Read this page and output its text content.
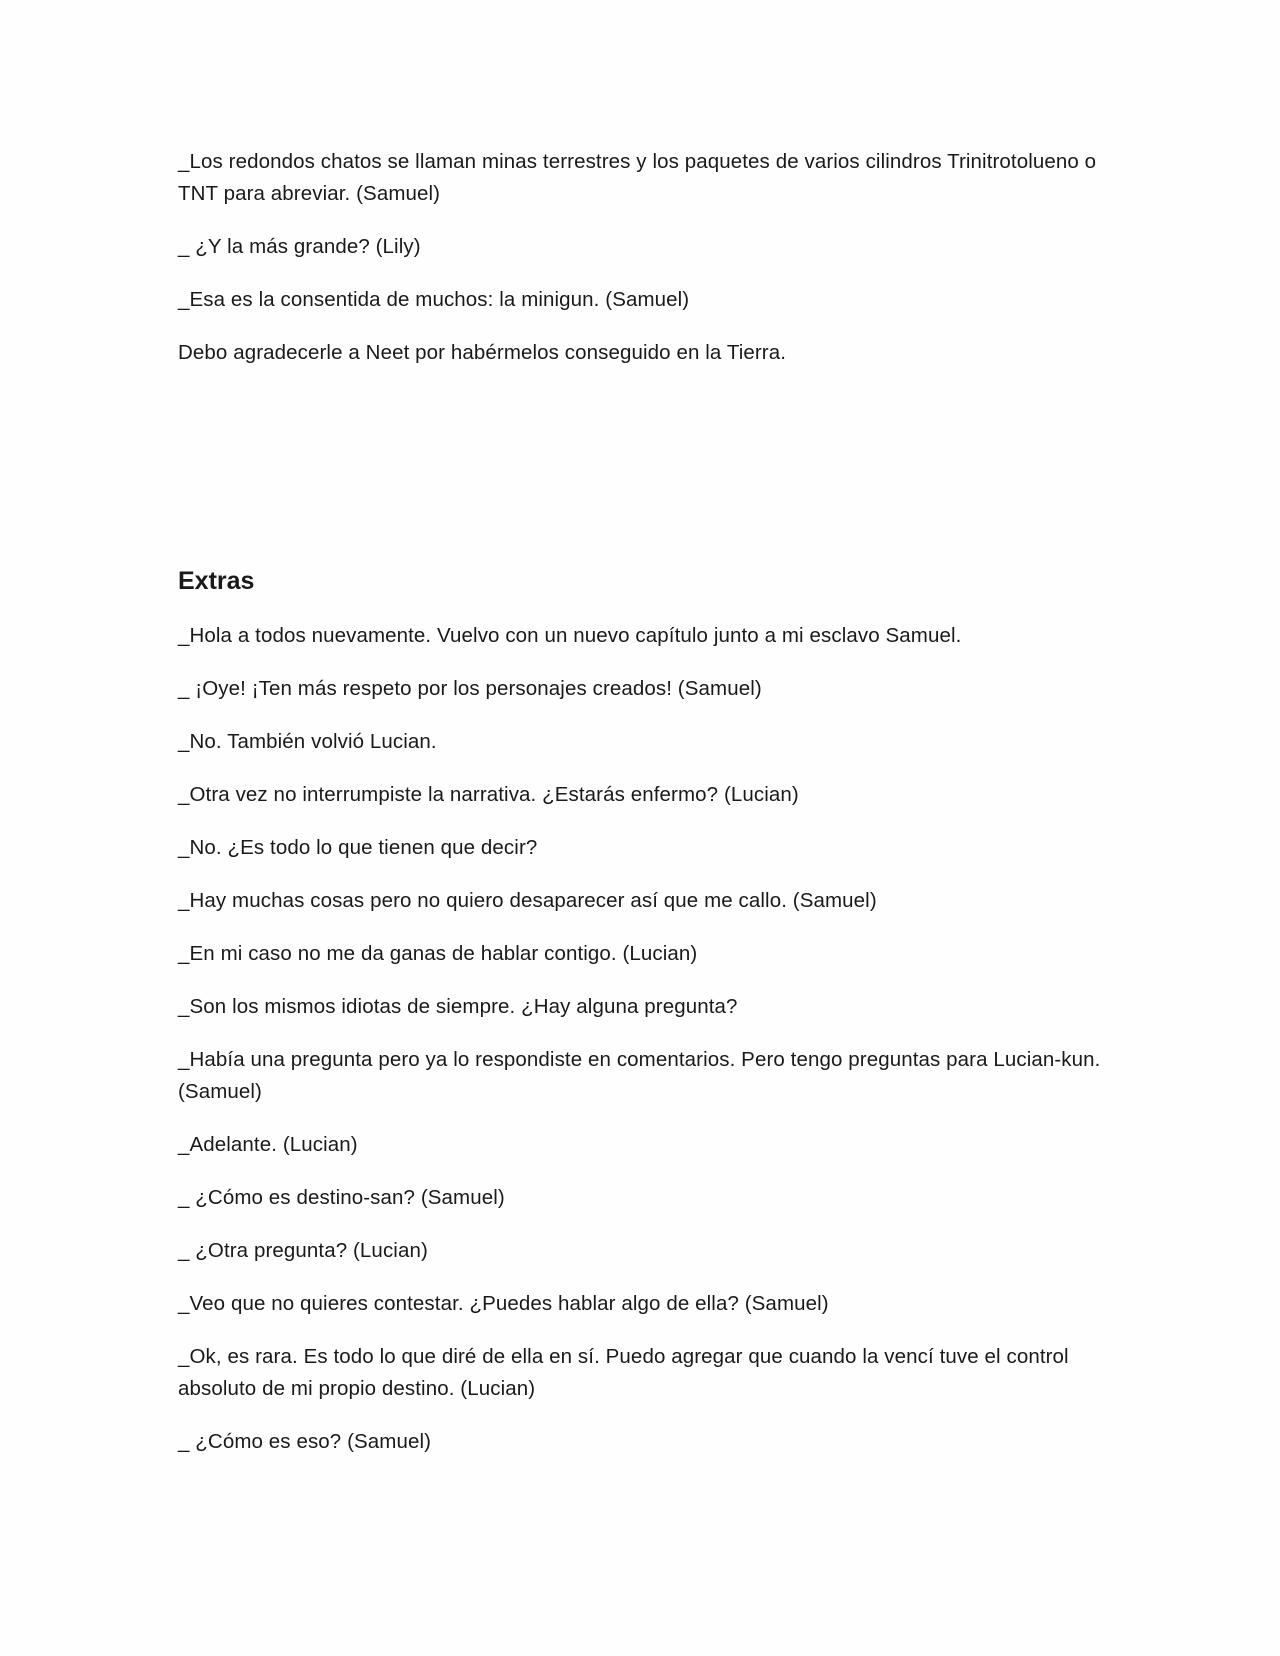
_Los redondos chatos se llaman minas terrestres y los paquetes de varios cilindros Trinitrotolueno o TNT para abreviar. (Samuel)

_ ¿Y la más grande? (Lily)

_Esa es la consentida de muchos: la minigun. (Samuel)

Debo agradecerle a Neet por habérmelos conseguido en la Tierra.

Extras

_Hola a todos nuevamente. Vuelvo con un nuevo capítulo junto a mi esclavo Samuel.

_ ¡Oye! ¡Ten más respeto por los personajes creados! (Samuel)

_No. También volvió Lucian.

_Otra vez no interrumpiste la narrativa. ¿Estarás enfermo? (Lucian)

_No. ¿Es todo lo que tienen que decir?

_Hay muchas cosas pero no quiero desaparecer así que me callo. (Samuel)

_En mi caso no me da ganas de hablar contigo. (Lucian)

_Son los mismos idiotas de siempre. ¿Hay alguna pregunta?

_Había una pregunta pero ya lo respondiste en comentarios. Pero tengo preguntas para Lucian-kun. (Samuel)

_Adelante. (Lucian)

_ ¿Cómo es destino-san? (Samuel)

_ ¿Otra pregunta? (Lucian)

_Veo que no quieres contestar. ¿Puedes hablar algo de ella? (Samuel)

_Ok, es rara. Es todo lo que diré de ella en sí. Puedo agregar que cuando la vencí tuve el control absoluto de mi propio destino. (Lucian)

_ ¿Cómo es eso? (Samuel)
